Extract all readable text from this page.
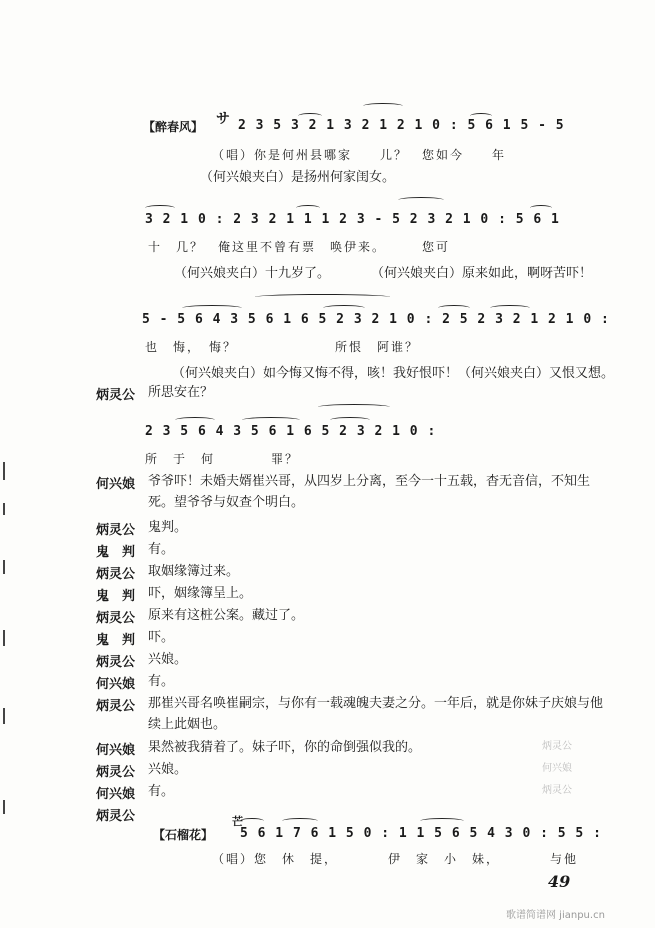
【醉春风】 サ 2 3 5 3 2 1 3 2 1 2 1 0 : 5 6 1 5 - 5
（唱）你是何州县哪家　　儿？　您如今　　年
（何兴娘夹白）是扬州何家闺女。
3 2 1 0 : 2 3 2 1 1 1 2 3 - 5 2 3 2 1 0 : 5 6 1
十　几？　俺这里不曾有票　唤伊来。　　　您可
（何兴娘夹白）十九岁了。	（何兴娘夹白）原来如此，啊呀苦吓！
5 - 5 6 4 3 5 6 1 6 5 2 3 2 1 0 : 2 5 2 3 2 1 2 1 0 :
也　悔，　悔？　　　　　　　所恨　阿谁？
（何兴娘夹白）如今悔又悔不得，咳！我好恨吓！（何兴娘夹白）又恨又想。
炳灵公 所思安在？
2 3 5 6 4 3 5 6 1 6 5 2 3 2 1 0 :
所　于　何　　　　罪？
何兴娘 爷爷吓！未婚夫婿崔兴哥，从四岁上分离，至今一十五载，杳无音信，不知生死。望爷爷与奴查个明白。
炳灵公 鬼判。
鬼　判 有。
炳灵公 取姻缘簿过来。
鬼　判 吓，姻缘簿呈上。
炳灵公 原来有这桩公案。藏过了。
鬼　判 吓。
炳灵公 兴娘。
何兴娘 有。
炳灵公 那崔兴哥名唤崔嗣宗，与你有一载魂魄夫妻之分。一年后，就是你妹子庆娘与他续上此姻也。
何兴娘 果然被我猜着了。妹子吓，你的命倒强似我的。
炳灵公 兴娘。
何兴娘 有。
炳灵公
炳灵公
何兴娘
炳灵公
【石榴花】
芒
5 6 1 7 6 1 5 0 : 1 1 5 6 5 4 3 0 : 5 5 :
（唱）您　休　提，　　　　伊　家　小　妹，　　　　与他
49
歌谱简谱网 jianpu.cn
